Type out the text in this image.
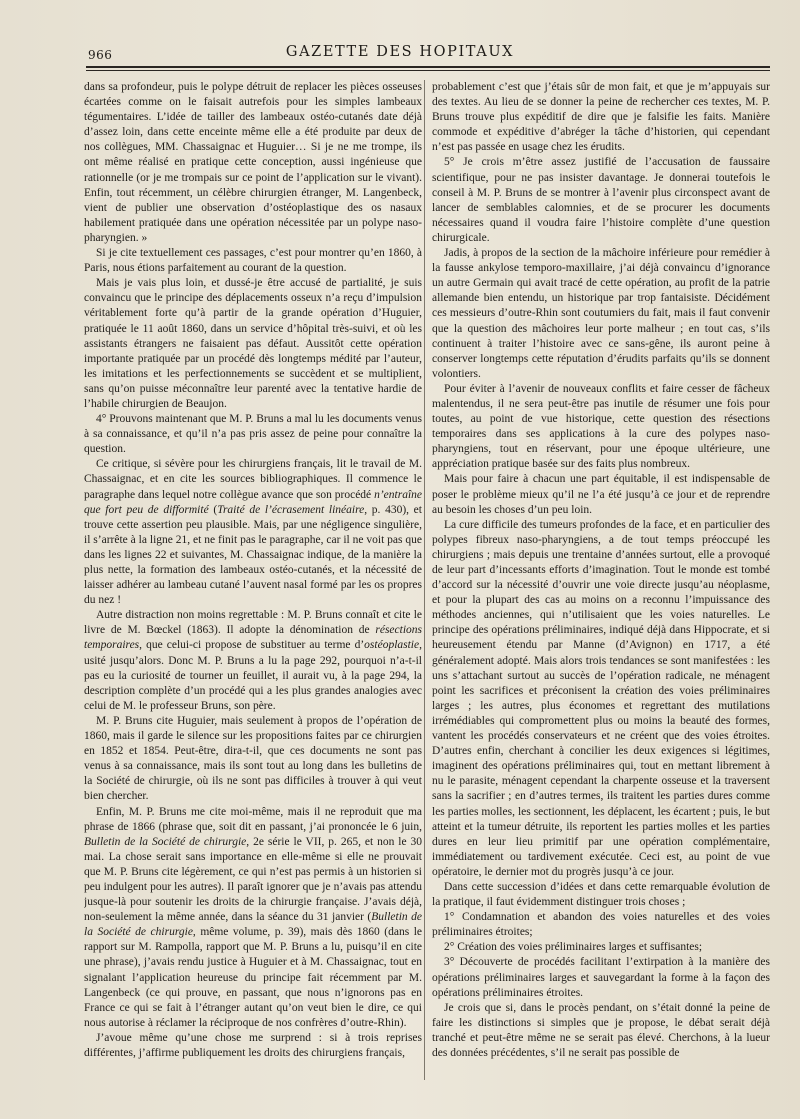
966	GAZETTE DES HOPITAUX

dans sa profondeur, puis le polype détruit de replacer les pièces osseuses écartées comme on le faisait autrefois pour les simples lambeaux tégumentaires. L’idée de tailler des lambeaux ostéo-cutanés date déjà d’assez loin, dans cette enceinte même elle a été produite par deux de nos collègues, MM. Chassaignac et Huguier… Si je ne me trompe, ils ont même réalisé en pratique cette conception, aussi ingénieuse que rationnelle (or je me trompais sur ce point de l’application sur le vivant). Enfin, tout récemment, un célèbre chirurgien étranger, M. Langenbeck, vient de publier une observation d’ostéoplastique des os nasaux habilement pratiquée dans une opération nécessitée par un polype naso-pharyngien. »

Si je cite textuellement ces passages, c’est pour montrer qu’en 1860, à Paris, nous étions parfaitement au courant de la question.

Mais je vais plus loin, et dussé-je être accusé de partialité, je suis convaincu que le principe des déplacements osseux n’a reçu d’impulsion véritablement forte qu’à partir de la grande opération d’Huguier, pratiquée le 11 août 1860, dans un service d’hôpital très-suivi, et où les assistants étrangers ne faisaient pas défaut. Aussitôt cette opération importante pratiquée par un procédé dès longtemps médité par l’auteur, les imitations et les perfectionnements se succèdent et se multiplient, sans qu’on puisse méconnaître leur parenté avec la tentative hardie de l’habile chirurgien de Beaujon.

4° Prouvons maintenant que M. P. Bruns a mal lu les documents venus à sa connaissance, et qu’il n’a pas pris assez de peine pour connaître la question.

Ce critique, si sévère pour les chirurgiens français, lit le travail de M. Chassaignac, et en cite les sources bibliographiques. Il commence le paragraphe dans lequel notre collègue avance que son procédé n’entraîne que fort peu de difformité (Traité de l’écrasement linéaire, p. 430), et trouve cette assertion peu plausible. Mais, par une négligence singulière, il s’arrête à la ligne 21, et ne finit pas le paragraphe, car il ne voit pas que dans les lignes 22 et suivantes, M. Chassaignac indique, de la manière la plus nette, la formation des lambeaux ostéo-cutanés, et la nécessité de laisser adhérer au lambeau cutané l’auvent nasal formé par les os propres du nez !

Autre distraction non moins regrettable : M. P. Bruns connaît et cite le livre de M. Bœckel (1863). Il adopte la dénomination de résections temporaires, que celui-ci propose de substituer au terme d’ostéoplastie, usité jusqu’alors. Donc M. P. Bruns a lu la page 292, pourquoi n’a-t-il pas eu la curiosité de tourner un feuillet, il aurait vu, à la page 294, la description complète d’un procédé qui a les plus grandes analogies avec celui de M. le professeur Bruns, son père.

M. P. Bruns cite Huguier, mais seulement à propos de l’opération de 1860, mais il garde le silence sur les propositions faites par ce chirurgien en 1852 et 1854. Peut-être, dira-t-il, que ces documents ne sont pas venus à sa connaissance, mais ils sont tout au long dans les bulletins de la Société de chirurgie, où ils ne sont pas difficiles à trouver à qui veut bien chercher.

Enfin, M. P. Bruns me cite moi-même, mais il ne reproduit que ma phrase de 1866 (phrase que, soit dit en passant, j’ai prononcée le 6 juin, Bulletin de la Société de chirurgie, 2e série le VII, p. 265, et non le 30 mai. La chose serait sans importance en elle-même si elle ne prouvait que M. P. Bruns cite légèrement, ce qui n’est pas permis à un historien si peu indulgent pour les autres). Il paraît ignorer que je n’avais pas attendu jusque-là pour soutenir les droits de la chirurgie française. J’avais déjà, non-seulement la même année, dans la séance du 31 janvier (Bulletin de la Société de chirurgie, même volume, p. 39), mais dès 1860 (dans le rapport sur M. Rampolla, rapport que M. P. Bruns a lu, puisqu’il en cite une phrase), j’avais rendu justice à Huguier et à M. Chassaignac, tout en signalant l’application heureuse du principe fait récemment par M. Langenbeck (ce qui prouve, en passant, que nous n’ignorons pas en France ce qui se fait à l’étranger autant qu’on veut bien le dire, ce qui nous autorise à réclamer la réciproque de nos confrères d’outre-Rhin).

J’avoue même qu’une chose me surprend : si à trois reprises différentes, j’affirme publiquement les droits des chirurgiens français,

probablement c’est que j’étais sûr de mon fait, et que je m’appuyais sur des textes. Au lieu de se donner la peine de rechercher ces textes, M. P. Bruns trouve plus expéditif de dire que je falsifie les faits. Manière commode et expéditive d’abréger la tâche d’historien, qui cependant n’est pas passée en usage chez les érudits.

5° Je crois m’être assez justifié de l’accusation de faussaire scientifique, pour ne pas insister davantage. Je donnerai toutefois le conseil à M. P. Bruns de se montrer à l’avenir plus circonspect avant de lancer de semblables calomnies, et de se procurer les documents nécessaires quand il voudra faire l’histoire complète d’une question chirurgicale.

Jadis, à propos de la section de la mâchoire inférieure pour remédier à la fausse ankylose temporo-maxillaire, j’ai déjà convaincu d’ignorance un autre Germain qui avait tracé de cette opération, au profit de la patrie allemande bien entendu, un historique par trop fantaisiste. Décidément ces messieurs d’outre-Rhin sont coutumiers du fait, mais il faut convenir que la question des mâchoires leur porte malheur ; en tout cas, s’ils continuent à traiter l’histoire avec ce sans-gêne, ils auront peine à conserver longtemps cette réputation d’érudits parfaits qu’ils se donnent volontiers.

Pour éviter à l’avenir de nouveaux conflits et faire cesser de fâcheux malentendus, il ne sera peut-être pas inutile de résumer une fois pour toutes, au point de vue historique, cette question des résections temporaires dans ses applications à la cure des polypes naso-pharyngiens, tout en réservant, pour une époque ultérieure, une appréciation pratique basée sur des faits plus nombreux.

Mais pour faire à chacun une part équitable, il est indispensable de poser le problème mieux qu’il ne l’a été jusqu’à ce jour et de reprendre au besoin les choses d’un peu loin.

La cure difficile des tumeurs profondes de la face, et en particulier des polypes fibreux naso-pharyngiens, a de tout temps préoccupé les chirurgiens ; mais depuis une trentaine d’années surtout, elle a provoqué de leur part d’incessants efforts d’imagination. Tout le monde est tombé d’accord sur la nécessité d’ouvrir une voie directe jusqu’au néoplasme, et pour la plupart des cas au moins on a reconnu l’impuissance des méthodes anciennes, qui n’utilisaient que les voies naturelles. Le principe des opérations préliminaires, indiqué déjà dans Hippocrate, et si heureusement étendu par Manne (d’Avignon) en 1717, a été généralement adopté. Mais alors trois tendances se sont manifestées : les uns s’attachant surtout au succès de l’opération radicale, ne ménagent point les sacrifices et préconisent la création des voies préliminaires larges ; les autres, plus économes et regrettant des mutilations irrémédiables qui compromettent plus ou moins la beauté des formes, vantent les procédés conservateurs et ne créent que des voies étroites. D’autres enfin, cherchant à concilier les deux exigences si légitimes, imaginent des opérations préliminaires qui, tout en mettant librement à nu le parasite, ménagent cependant la charpente osseuse et la traversent sans la sacrifier ; en d’autres termes, ils traitent les parties dures comme les parties molles, les sectionnent, les déplacent, les écartent ; puis, le but atteint et la tumeur détruite, ils reportent les parties molles et les parties dures en leur lieu primitif par une opération complémentaire, immédiatement ou tardivement exécutée. Ceci est, au point de vue opératoire, le dernier mot du progrès jusqu’à ce jour.

Dans cette succession d’idées et dans cette remarquable évolution de la pratique, il faut évidemment distinguer trois choses ;

1° Condamnation et abandon des voies naturelles et des voies préliminaires étroites;

2° Création des voies préliminaires larges et suffisantes;

3° Découverte de procédés facilitant l’extirpation à la manière des opérations préliminaires larges et sauvegardant la forme à la façon des opérations préliminaires étroites.

Je crois que si, dans le procès pendant, on s’était donné la peine de faire les distinctions si simples que je propose, le débat serait déjà tranché et peut-être même ne se serait pas élevé. Cherchons, à la lueur des données précédentes, s’il ne serait pas possible de
